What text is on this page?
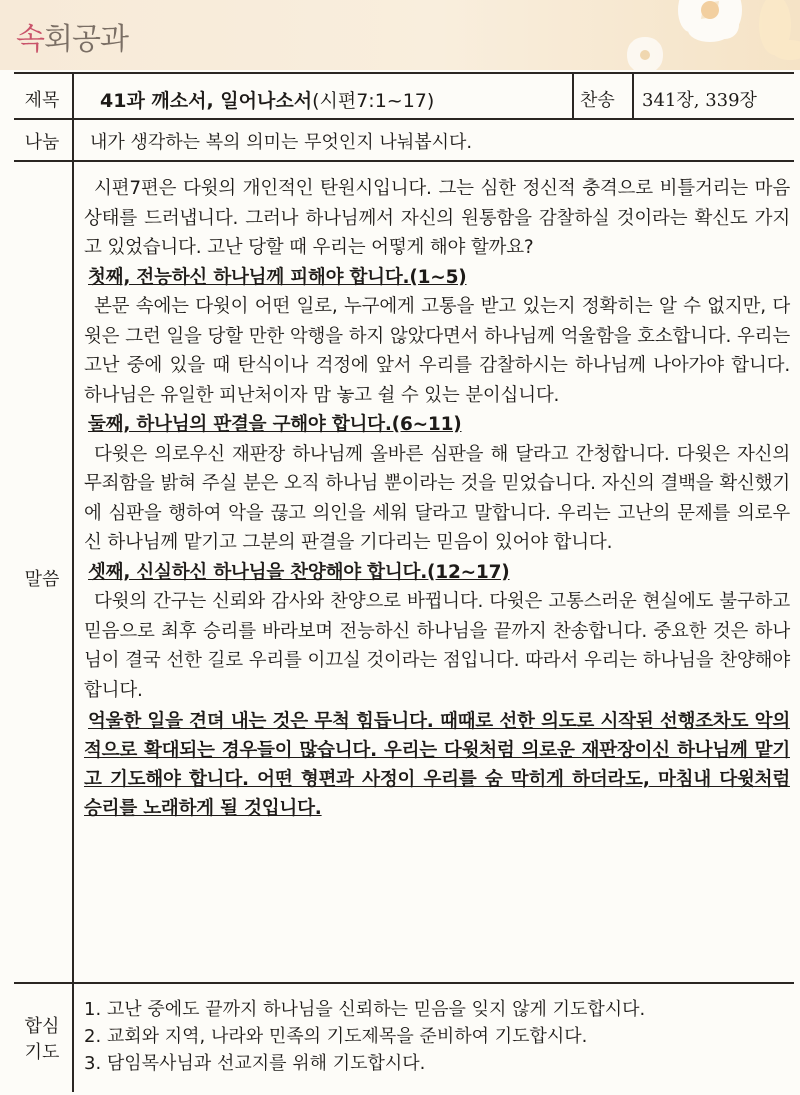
속회공과
제목
나눔
말씀
합심
기도
41과 깨소서, 일어나소서(시편7:1~17)	찬송 341장, 339장
내가 생각하는 복의 의미는 무엇인지 나눠봅시다.

시편7편은 다윗의 개인적인 탄원시입니다. 그는 심한 정신적 충격으로 비틀거리는 마음 상태를 드러냅니다. 그러나 하나님께서 자신의 원통함을 감찰하실 것이라는 확신도 가지고 있었습니다. 고난 당할 때 우리는 어떻게 해야 할까요?

첫째, 전능하신 하나님께 피해야 합니다.(1~5)

본문 속에는 다윗이 어떤 일로, 누구에게 고통을 받고 있는지 정확히는 알 수 없지만, 다윗은 그런 일을 당할 만한 악행을 하지 않았다면서 하나님께 억울함을 호소합니다. 우리는 고난 중에 있을 때 탄식이나 걱정에 앞서 우리를 감찰하시는 하나님께 나아가야 합니다. 하나님은 유일한 피난처이자 맘 놓고 쉴 수 있는 분이십니다.

둘째, 하나님의 판결을 구해야 합니다.(6~11)

다윗은 의로우신 재판장 하나님께 올바른 심판을 해 달라고 간청합니다. 다윗은 자신의 무죄함을 밝혀 주실 분은 오직 하나님 뿐이라는 것을 믿었습니다. 자신의 결백을 확신했기에 심판을 행하여 악을 끊고 의인을 세워 달라고 말합니다. 우리는 고난의 문제를 의로우신 하나님께 맡기고 그분의 판결을 기다리는 믿음이 있어야 합니다.

셋째, 신실하신 하나님을 찬양해야 합니다.(12~17)

다윗의 간구는 신뢰와 감사와 찬양으로 바뀝니다. 다윗은 고통스러운 현실에도 불구하고 믿음으로 최후 승리를 바라보며 전능하신 하나님을 끝까지 찬송합니다. 중요한 것은 하나님이 결국 선한 길로 우리를 이끄실 것이라는 점입니다. 따라서 우리는 하나님을 찬양해야 합니다.

억울한 일을 견뎌 내는 것은 무척 힘듭니다. 때때로 선한 의도로 시작된 선행조차도 악의적으로 확대되는 경우들이 많습니다. 우리는 다윗처럼 의로운 재판장이신 하나님께 맡기고 기도해야 합니다. 어떤 형편과 사정이 우리를 숨 막히게 하더라도, 마침내 다윗처럼 승리를 노래하게 될 것입니다.

1. 고난 중에도 끝까지 하나님을 신뢰하는 믿음을 잊지 않게 기도합시다.
2. 교회와 지역, 나라와 민족의 기도제목을 준비하여 기도합시다.
3. 담임목사님과 선교지를 위해 기도합시다.
